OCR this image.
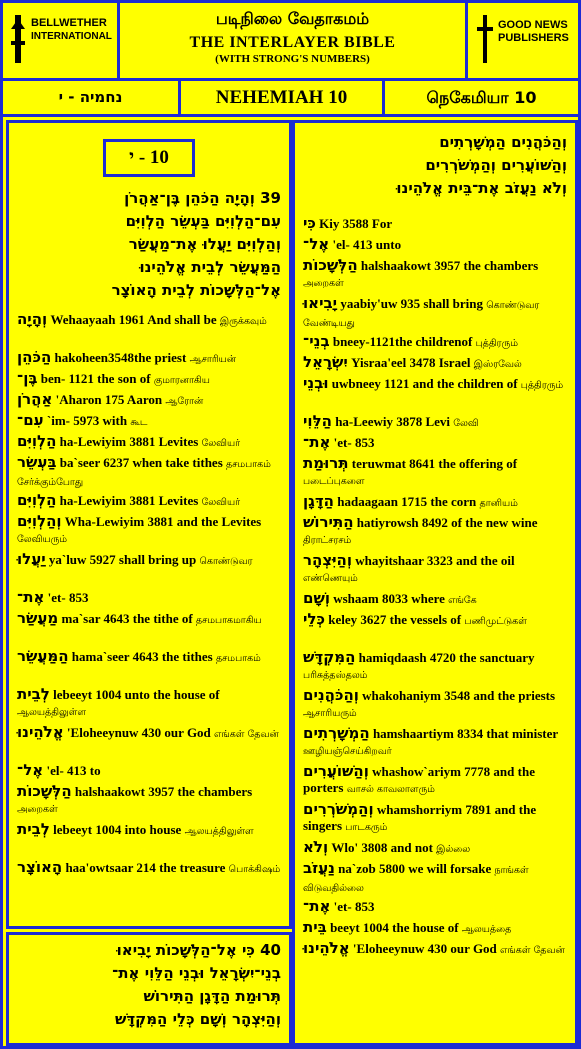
BELLWETHER
INTERNATIONAL
படிநிலை வேதாகமம்
THE INTERLAYER BIBLE
(WITH STRONG'S NUMBERS)
GOOD NEWS
PUBLISHERS
נחמיה - י	NEHEMIAH 10	நெகேமியா 10
10 - י
39 וְהָיָה הַכֹּהֵן בֶּן־אַהֲרֹן
עִם־הַלְוִיִּם בַּעְשֵׂר הַלְוִיִּם
וְהַלְוִיִּם יַעֲלוּ אֶת־מַעֲשַׂר
הַמַּעֲשֵׂר לְבֵית אֱלֹהֵינוּ
אֶל־הַלְּשָׁכוֹת לְבֵית הָאוֹצָר
וְהָיָה Wehaayaah 1961 And shall be இருக்கவும்
הַכֹּהֵן hakoheen3548the priest ஆசாரியன்
בֶּן־ ben- 1121 the son of குமாரனாகிய
אַהֲרֹן 'Aharon 175 Aaron ஆரோன்
עִם־ `im- 5973 with கூட
הַלְוִיִּם ha-Lewiyim 3881 Levites லேவியர்
בַּעְשֵׂר ba`seer 6237 when take tithes தசமபாகம் சேர்க்கும்போது
הַלְוִיִּם ha-Lewiyim 3881 Levites லேவியர்
וְהַלְוִיִּם Wha-Lewiyim 3881 and the Levites லேவியரும்
יַעֲלוּ ya`luw 5927 shall bring up கொண்டுவர
אֶת־ 'et- 853
מַעֲשַׂר ma`sar 4643 the tithe of தசமபாகமாகிய
הַמַּעֲשֵׂר hama`seer 4643 the tithes தசமபாகம்
לְבֵית lebeeyt 1004 unto the house of ஆலயத்திலுள்ள
אֱלֹהֵינוּ 'Eloheeynuw 430 our God எங்கள் தேவன்
אֶל־ 'el- 413 to
הַלְּשָׁכוֹת halshaakowt 3957 the chambers அறைகள்
לְבֵית lebeeyt 1004 into house ஆலயத்திலுள்ள
הָאוֹצָר haa'owtsaar 214 the treasure பொக்கிஷம்
40 כִּי אֶל־הַלְּשָׁכוֹת יָבִיאוּ
בְנֵי־יִשְׂרָאֵל וּבְנֵי הַלֵּוִי אֶת־
תְּרוּמַת הַדָּגָן הַתִּירוֹשׁ
וְהַיִּצְהָר וְשָׁם כְּלֵי הַמִּקְדָּשׁ
וְהַכֹּהֲנִים הַמְשָׁרְתִים
וְהַשּׁוֹעֲרִים וְהַמְשֹׁרְרִים
וְלֹא נַעֲזֹב אֶת־בֵּית אֱלֹהֵינוּ
כִּי Kiy 3588 For
אֶל־ 'el- 413 unto
הַלְּשָׁכוֹת halshaakowt 3957 the chambers அறைகள்
יָבִיאוּ yaabiy'uw 935 shall bring கொண்டுவர வேண்டியது
בְנֵי־ bneey-1121the childrenof புத்திரரும்
יִשְׂרָאֵל Yisraa'eel 3478 Israel இஸ்ரவேல்
וּבְנֵי uwbneey 1121 and the children of புத்திரரும்
הַלֵּוִי ha-Leewiy 3878 Levi லேவி
אֶת־ 'et- 853
תְּרוּמַת teruwmat 8641 the offering of படைப்புகளை
הַדָּגָן hadaagaan 1715 the corn தானியம்
הַתִּירוֹשׁ hatiyrowsh 8492 of the new wine திராட்சரசம்
וְהַיִּצְהָר whayitshaar 3323 and the oil எண்ணெயும்
וְשָׁם wshaam 8033 where எங்கே
כְּלֵי keley 3627 the vessels of பணிமுட்டுகள்
הַמִּקְדָּשׁ hamiqdaash 4720 the sanctuary பரிசுத்தஸ்தலம்
וְהַכֹּהֲנִים whakohaniym 3548 and the priests ஆசாரியரும்
הַמְשָׁרְתִים hamshaartiym 8334 that minister ஊழியஞ்செய்கிறவர்
וְהַשּׁוֹעֲרִים whashow`ariym 7778 and the porters வாசல் காவலாளரும்
וְהַמְשֹׁרְרִים whamshorriym 7891 and the singers பாடகரும்
וְלֹא Wlo' 3808 and not இல்லை
נַעֲזֹב na`zob 5800 we will forsake நாங்கள் விடுவதில்லை
אֶת־ 'et- 853
בֵּית beeyt 1004 the house of ஆலயத்தை
אֱלֹהֵינוּ 'Eloheeynuw 430 our God எங்கள் தேவன்
